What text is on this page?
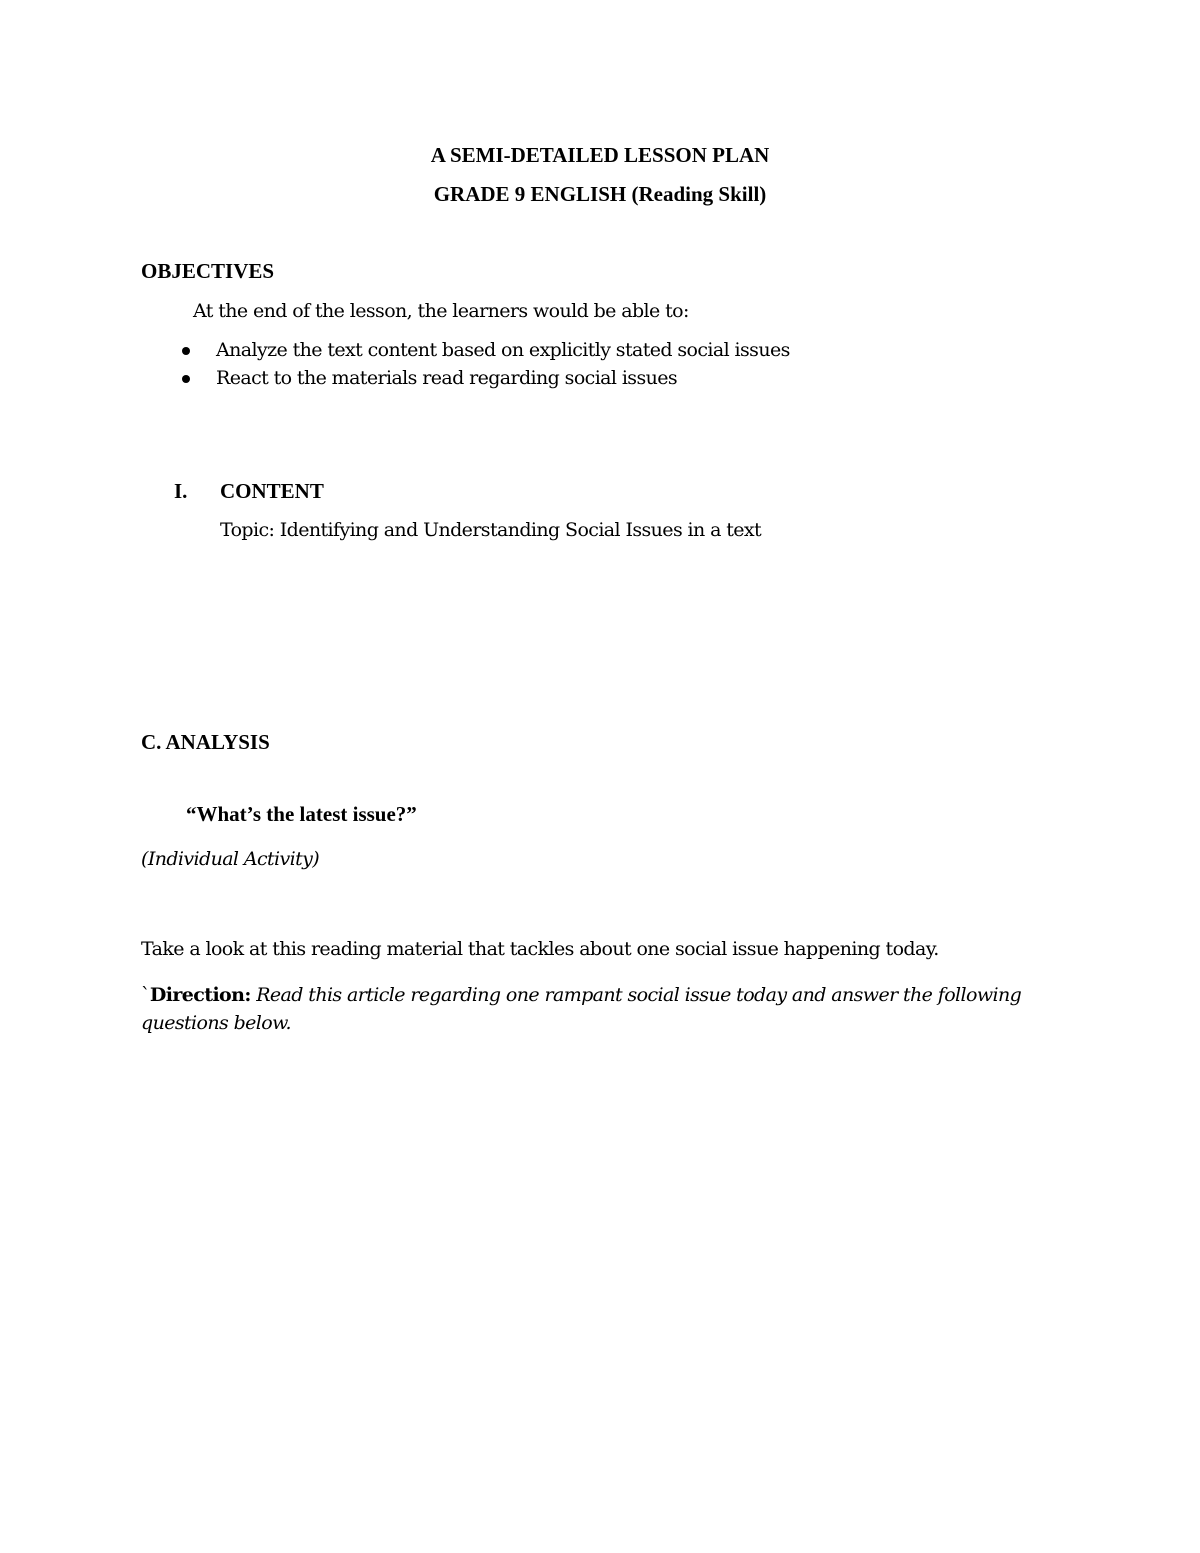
A SEMI-DETAILED LESSON PLAN
GRADE 9 ENGLISH (Reading Skill)
OBJECTIVES
At the end of the lesson, the learners would be able to:
Analyze the text content based on explicitly stated social issues
React to the materials read regarding social issues
I. CONTENT
Topic: Identifying and Understanding Social Issues in a text
C. ANALYSIS
“What’s the latest issue?”
(Individual Activity)
Take a look at this reading material that tackles about one social issue happening today.
`Direction: Read this article regarding one rampant social issue today and answer the following
questions below.
